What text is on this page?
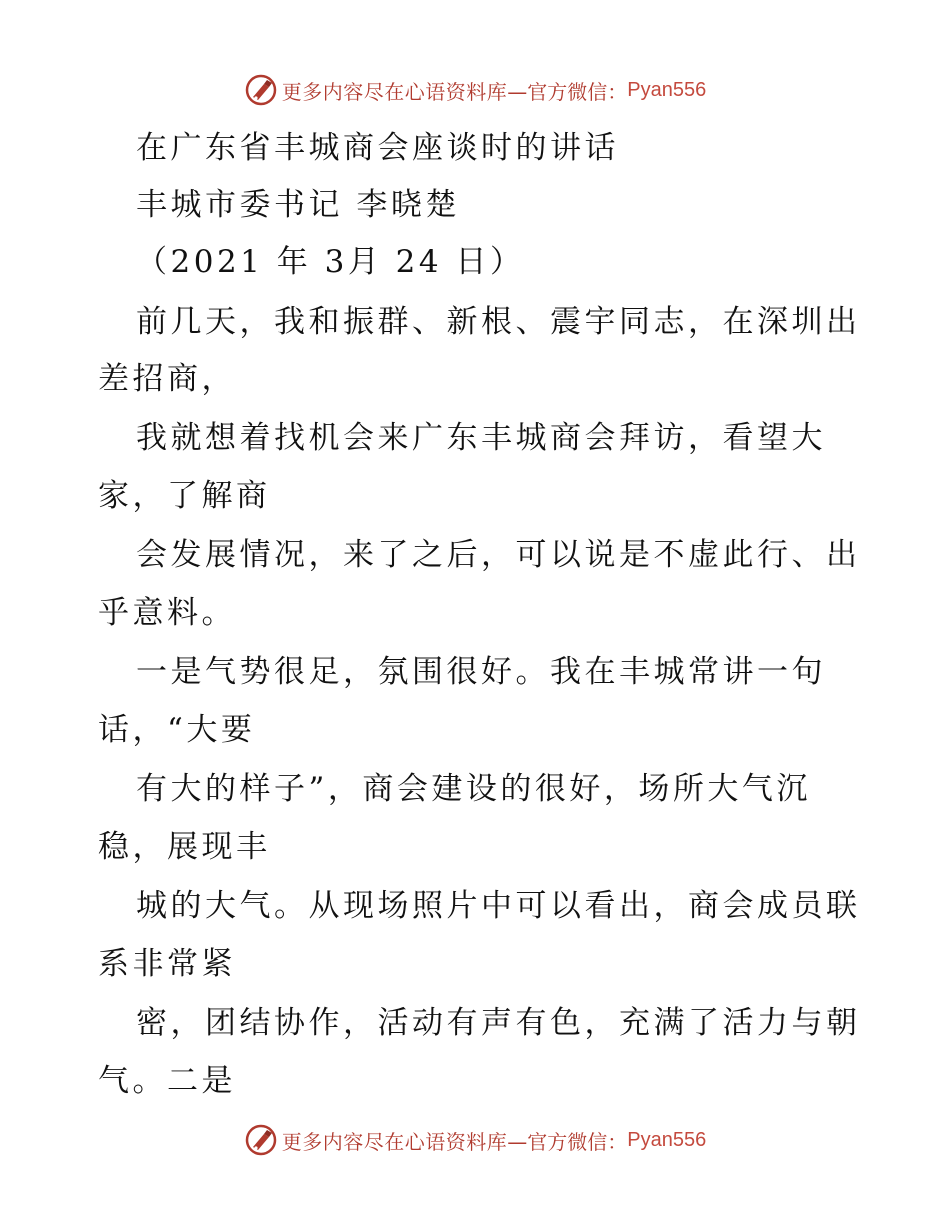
更多内容尽在心语资料库 —官方微信： Pyan556
在广东省丰城商会座谈时的讲话
丰城市委书记 李晓楚
（2021 年 3月 24 日）
前几天，我和振群、新根、震宇同志，在深圳出
差招商，
我就想着找机会来广东丰城商会拜访，看望大
家，了解商
会发展情况，来了之后，可以说是不虚此行、出
乎意料。
一是气势很足，氛围很好。我在丰城常讲一句
话，“大要
有大的样子”，商会建设的很好，场所大气沉
稳，展现丰
城的大气。从现场照片中可以看出，商会成员联
系非常紧
密，团结协作，活动有声有色，充满了活力与朝
气。二是
更多内容尽在心语资料库 —官方微信： Pyan556
